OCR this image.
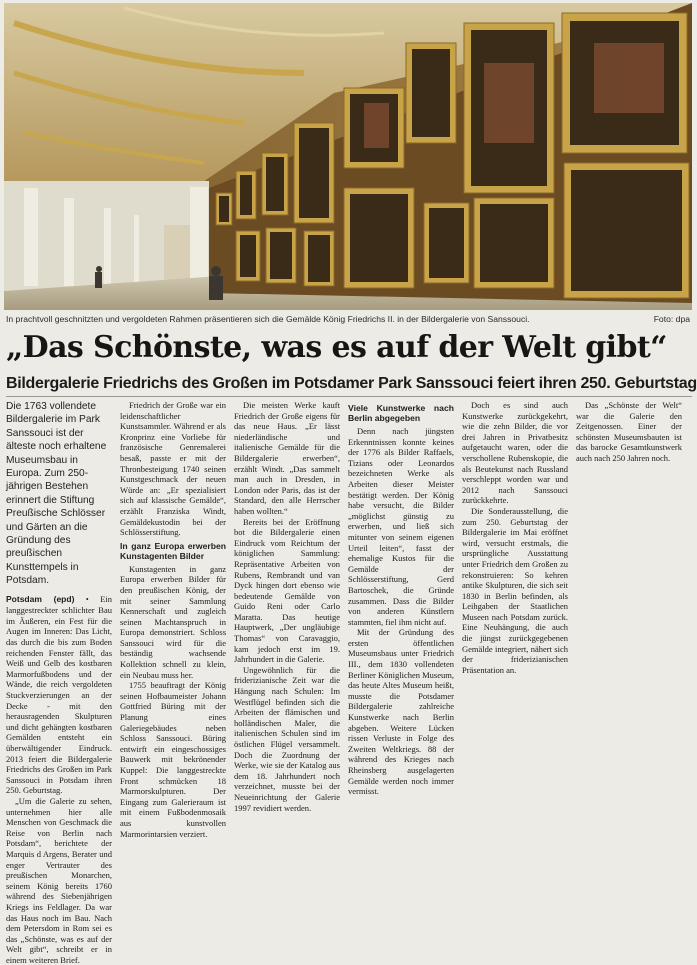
In prachtvoll geschnitzten und vergoldeten Rahmen präsentieren sich die Gemälde König Friedrichs II. in der Bildergalerie von Sanssouci.	Foto: dpa
„Das Schönste, was es auf der Welt gibt“
Bildergalerie Friedrichs des Großen im Potsdamer Park Sanssouci feiert ihren 250. Geburtstag

Die 1763 vollendete Bildergalerie im Park Sanssouci ist der älteste noch erhaltene Museumsbau in Europa. Zum 250-jährigen Bestehen erinnert die Stiftung Preußische Schlösser und Gärten an die Gründung des preußischen Kunsttempels in Potsdam.

Potsdam (epd) • Ein langgestreckter schlichter Bau im Äußeren, ein Fest für die Augen im Inneren: Das Licht, das durch die bis zum Boden reichenden Fenster fällt, das Weiß und Gelb des kostbaren Marmorfußbodens und der Wände, die reich vergoldeten Stuckverzierungen an der Decke - mit den herausragenden Skulpturen und dicht gehängten kostbaren Gemälden entsteht ein überwältigender Eindruck. 2013 feiert die Bildergalerie Friedrichs des Großen im Park Sanssouci in Potsdam ihren 250. Geburtstag.

„Um die Galerie zu sehen, unternehmen hier alle Menschen von Geschmack die Reise von Berlin nach Potsdam“, berichtete der Marquis d Argens, Berater und enger Vertrauter des preußischen Monarchen, seinem König bereits 1760 während des Siebenjährigen Kriegs ins Feldlager. Da war das Haus noch im Bau. Nach dem Petersdom in Rom sei es das „Schönste, was es auf der Welt gibt“, schreibt er in einem weiteren Brief.

Friedrich der Große war ein leidenschaftlicher Kunstsammler. Während er als Kronprinz eine Vorliebe für französische Genremalerei besaß, passte er mit der Thronbesteigung 1740 seinen Kunstgeschmack der neuen Würde an: „Er spezialisiert sich auf klassische Gemälde“, erzählt Franziska Windt, Gemäldekustodin bei der Schlösserstiftung.

In ganz Europa erwerben Kunstagenten Bilder

Kunstagenten in ganz Europa erwerben Bilder für den preußischen König, der mit seiner Sammlung Kennerschaft und zugleich seinen Machtanspruch in Europa demonstriert. Schloss Sanssouci wird für die beständig wachsende Kollektion schnell zu klein, ein Neubau muss her.

1755 beauftragt der König seinen Hofbaumeister Johann Gottfried Büring mit der Planung eines Galeriegebäudes neben Schloss Sanssouci. Büring entwirft ein eingeschossiges Bauwerk mit bekrönender Kuppel: Die langgestreckte Front schmücken 18 Marmorskulpturen. Der Eingang zum Galerieraum ist mit einem Fußbodenmosaik aus kunstvollen Marmorintarsien verziert.

Die meisten Werke kauft Friedrich der Große eigens für das neue Haus. „Er lässt niederländische und italienische Gemälde für die Bildergalerie erwerben“, erzählt Windt. „Das sammelt man auch in Dresden, in London oder Paris, das ist der Standard, den alle Herrscher haben wollten.“

Bereits bei der Eröffnung bot die Bildergalerie einen Eindruck vom Reichtum der königlichen Sammlung: Repräsentative Arbeiten von Rubens, Rembrandt und van Dyck hingen dort ebenso wie bedeutende Gemälde von Guido Reni oder Carlo Maratta. Das heutige Hauptwerk, „Der ungläubige Thomas“ von Caravaggio, kam jedoch erst im 19. Jahrhundert in die Galerie.

Ungewöhnlich für die friderizianische Zeit war die Hängung nach Schulen: Im Westflügel befinden sich die Arbeiten der flämischen und holländischen Maler, die italienischen Schulen sind im östlichen Flügel versammelt. Doch die Zuordnung der Werke, wie sie der Katalog aus dem 18. Jahrhundert noch verzeichnet, musste bei der Neueinrichtung der Galerie 1997 revidiert werden.

Viele Kunstwerke nach Berlin abgegeben

Denn nach jüngsten Erkenntnissen konnte keines der 1776 als Bilder Raffaels, Tizians oder Leonardos bezeichneten Werke als Arbeiten dieser Meister bestätigt werden. Der König habe versucht, die Bilder „möglichst günstig zu erwerben, und ließ sich mitunter von seinem eigenen Urteil leiten“, fasst der ehemalige Kustos für die Gemälde der Schlösserstiftung, Gerd Bartoschek, die Gründe zusammen. Dass die Bilder von anderen Künstlern stammten, fiel ihm nicht auf.

Mit der Gründung des ersten öffentlichen Museumsbaus unter Friedrich III., dem 1830 vollendeten Berliner Königlichen Museum, das heute Altes Museum heißt, musste die Potsdamer Bildergalerie zahlreiche Kunstwerke nach Berlin abgeben. Weitere Lücken rissen Verluste in Folge des Zweiten Weltkriegs. 88 der während des Krieges nach Rheinsberg ausgelagerten Gemälde werden noch immer vermisst.

Doch es sind auch Kunstwerke zurückgekehrt, wie die zehn Bilder, die vor drei Jahren in Privatbesitz aufgetaucht waren, oder die verschollene Rubenskopie, die als Beutekunst nach Russland verschleppt worden war und 2012 nach Sanssouci zurückkehrte.

Die Sonderausstellung, die zum 250. Geburtstag der Bildergalerie im Mai eröffnet wird, versucht erstmals, die ursprüngliche Ausstattung unter Friedrich dem Großen zu rekonstruieren: So kehren antike Skulpturen, die sich seit 1830 in Berlin befinden, als Leihgaben der Staatlichen Museen nach Potsdam zurück. Eine Neuhängung, die auch die jüngst zurückgegebenen Gemälde integriert, nähert sich der friderizianischen Präsentation an.

Das „Schönste der Welt“ war die Galerie den Zeitgenossen. Einer der schönsten Museumsbauten ist das barocke Gesamtkunstwerk auch nach 250 Jahren noch.
